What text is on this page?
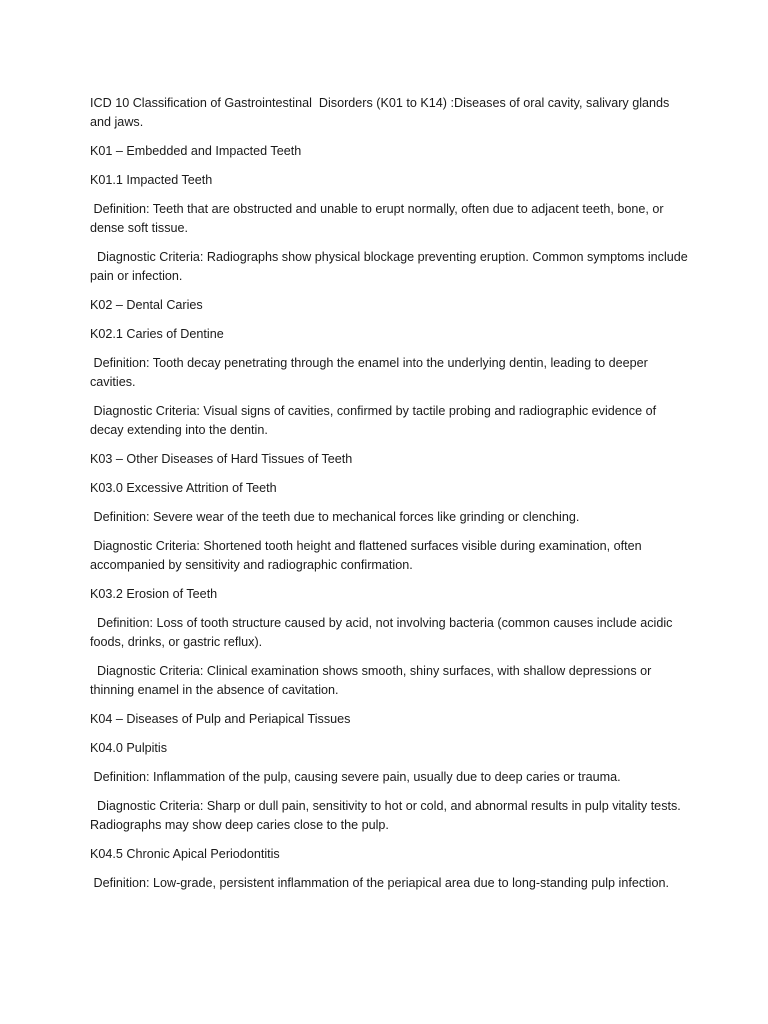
ICD 10 Classification of Gastrointestinal  Disorders (K01 to K14) :Diseases of oral cavity, salivary glands and jaws.

K01 – Embedded and Impacted Teeth

K01.1 Impacted Teeth

Definition: Teeth that are obstructed and unable to erupt normally, often due to adjacent teeth, bone, or dense soft tissue.

Diagnostic Criteria: Radiographs show physical blockage preventing eruption. Common symptoms include pain or infection.

K02 – Dental Caries

K02.1 Caries of Dentine

Definition: Tooth decay penetrating through the enamel into the underlying dentin, leading to deeper cavities.

Diagnostic Criteria: Visual signs of cavities, confirmed by tactile probing and radiographic evidence of decay extending into the dentin.

K03 – Other Diseases of Hard Tissues of Teeth

K03.0 Excessive Attrition of Teeth

Definition: Severe wear of the teeth due to mechanical forces like grinding or clenching.

Diagnostic Criteria: Shortened tooth height and flattened surfaces visible during examination, often accompanied by sensitivity and radiographic confirmation.

K03.2 Erosion of Teeth

Definition: Loss of tooth structure caused by acid, not involving bacteria (common causes include acidic foods, drinks, or gastric reflux).

Diagnostic Criteria: Clinical examination shows smooth, shiny surfaces, with shallow depressions or thinning enamel in the absence of cavitation.

K04 – Diseases of Pulp and Periapical Tissues

K04.0 Pulpitis

Definition: Inflammation of the pulp, causing severe pain, usually due to deep caries or trauma.

Diagnostic Criteria: Sharp or dull pain, sensitivity to hot or cold, and abnormal results in pulp vitality tests. Radiographs may show deep caries close to the pulp.

K04.5 Chronic Apical Periodontitis

Definition: Low-grade, persistent inflammation of the periapical area due to long-standing pulp infection.
